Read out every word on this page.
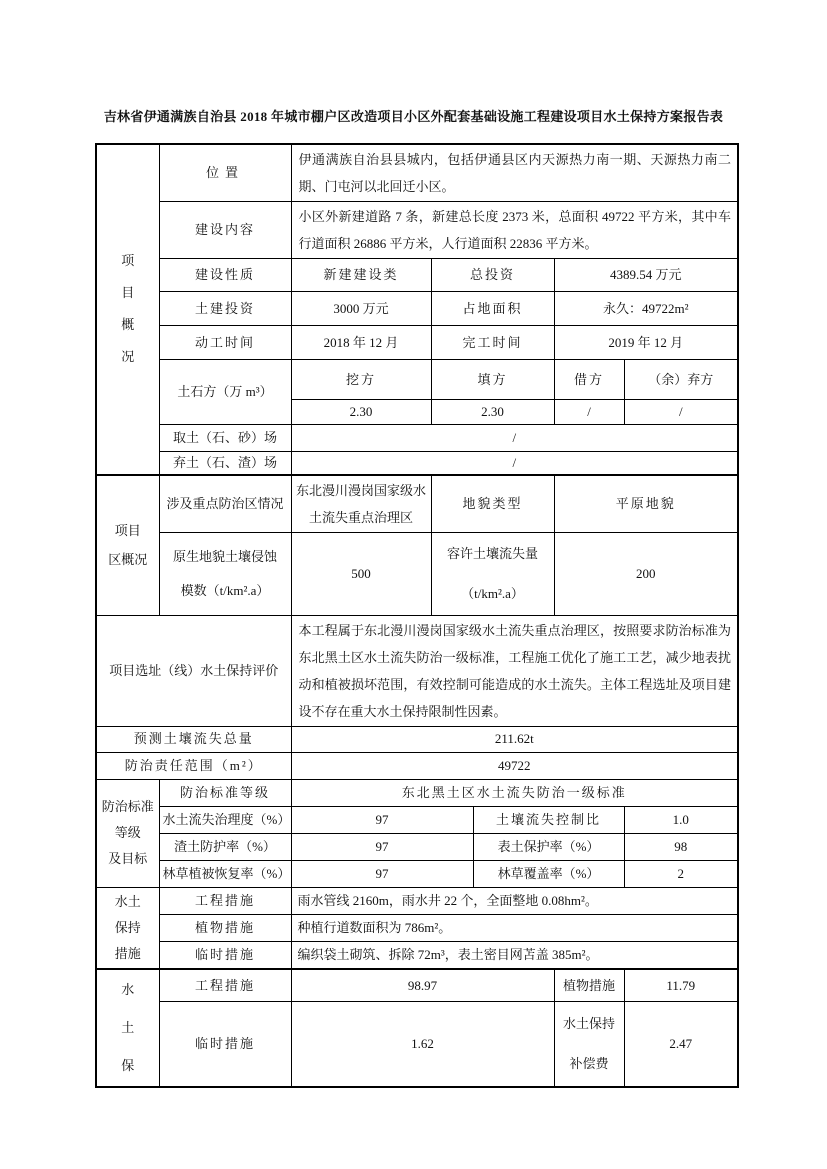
吉林省伊通满族自治县 2018 年城市棚户区改造项目小区外配套基础设施工程建设项目水土保持方案报告表
项
目
概
况	位置	伊通满族自治县县城内，包括伊通县区内天源热力南一期、天源热力南二期、门屯河以北回迁小区。				
	建设内容	小区外新建道路 7 条，新建总长度 2373 米，总面积 49722 平方米，其中车行道面积 26886 平方米，人行道面积 22836 平方米。				
	建设性质	新建建设类	总投资		4389.54 万元	
	土建投资	3000 万元	占地面积		永久：49722m²	
	动工时间	2018 年 12 月	完工时间		2019 年 12 月	
	土石方（万 m³）	挖方	填方		借方	（余）弃方
		2.30	2.30		/	/
	取土（石、砂）场	/				
	弃土（石、渣）场	/				

项目
区概况	涉及重点防治区情况	东北漫川漫岗国家级水土流失重点治理区	地貌类型		平原地貌	
	原生地貌土壤侵蚀模数（t/km².a）	500	容许土壤流失量（t/km².a）		200	
项目选址（线）水土保持评价		本工程属于东北漫川漫岗国家级水土流失重点治理区，按照要求防治标准为东北黑土区水土流失防治一级标准，工程施工优化了施工工艺，减少地表扰动和植被损坏范围，有效控制可能造成的水土流失。主体工程选址及项目建设不存在重大水土保持限制性因素。				
预测土壤流失总量		211.62t				
防治责任范围（m²）		49722				

防治标准
等级
及目标	防治标准等级	东北黑土区水土流失防治一级标准				
	水土流失治理度（%）	97		土壤流失控制比		1.0
	渣土防护率（%）	97		表土保护率（%）		98
	林草植被恢复率（%）	97		林草覆盖率（%）		2

水土
保持
措施	工程措施	雨水管线 2160m，雨水井 22 个，全面整地 0.08hm²。				
	植物措施	种植行道数面积为 786m²。				
	临时措施	编织袋土砌筑、拆除 72m³，表土密目网苫盖 385m²。				

水
土
保	工程措施	98.97			植物措施	11.79
	临时措施	1.62			水土保持补偿费	2.47
